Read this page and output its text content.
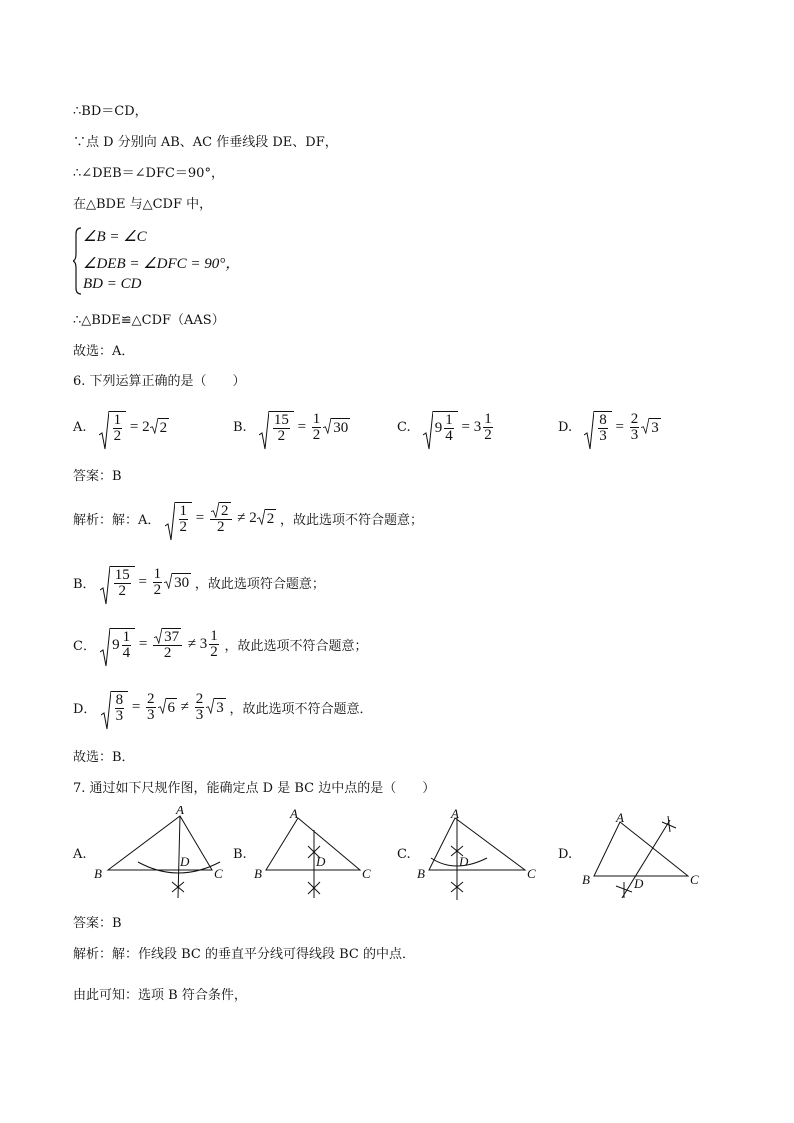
∴BD＝CD，
∵点 D 分别向 AB、AC 作垂线段 DE、DF，
∴∠DEB＝∠DFC＝90°，
在△BDE 与△CDF 中，
∠B = ∠C
∠DEB = ∠DFC = 90°，
BD = CD
∴△BDE≌△CDF（AAS）
故选：A．
6. 下列运算正确的是（　　）
A. $\frac{1}{2} = 2$ 2	B. $\frac{15}{2} = \frac{1}{2} 30$	C. $9 \frac{1}{4} = 3 \frac{1}{2}$	D. $\frac{8}{3} = \frac{2}{3} 3$
答案：B
解析：解：A． $\frac{1}{2} = \frac{2}{2} \ne 2$ 2 ，故此选项不符合题意；
B． $\frac{15}{2} = \frac{1}{2} 30$ ，故此选项符合题意；
C． $9 \frac{1}{4} = \frac{37}{2} \ne 3 \frac{1}{2}$ ，故此选项不符合题意；
D． $\frac{8}{3} = \frac{2}{3} 6 \ne \frac{2}{3} 3$ ，故此选项不符合题意．
故选：B．
7. 通过如下尺规作图，能确定点 D 是 BC 边中点的是（　　）
A.
A
B	C
D	B.
A
B	C
D	C.
A
B	C
D	D.
A
B	C
D
答案：B
解析：解：作线段 BC 的垂直平分线可得线段 BC 的中点．
由此可知：选项 B 符合条件，
